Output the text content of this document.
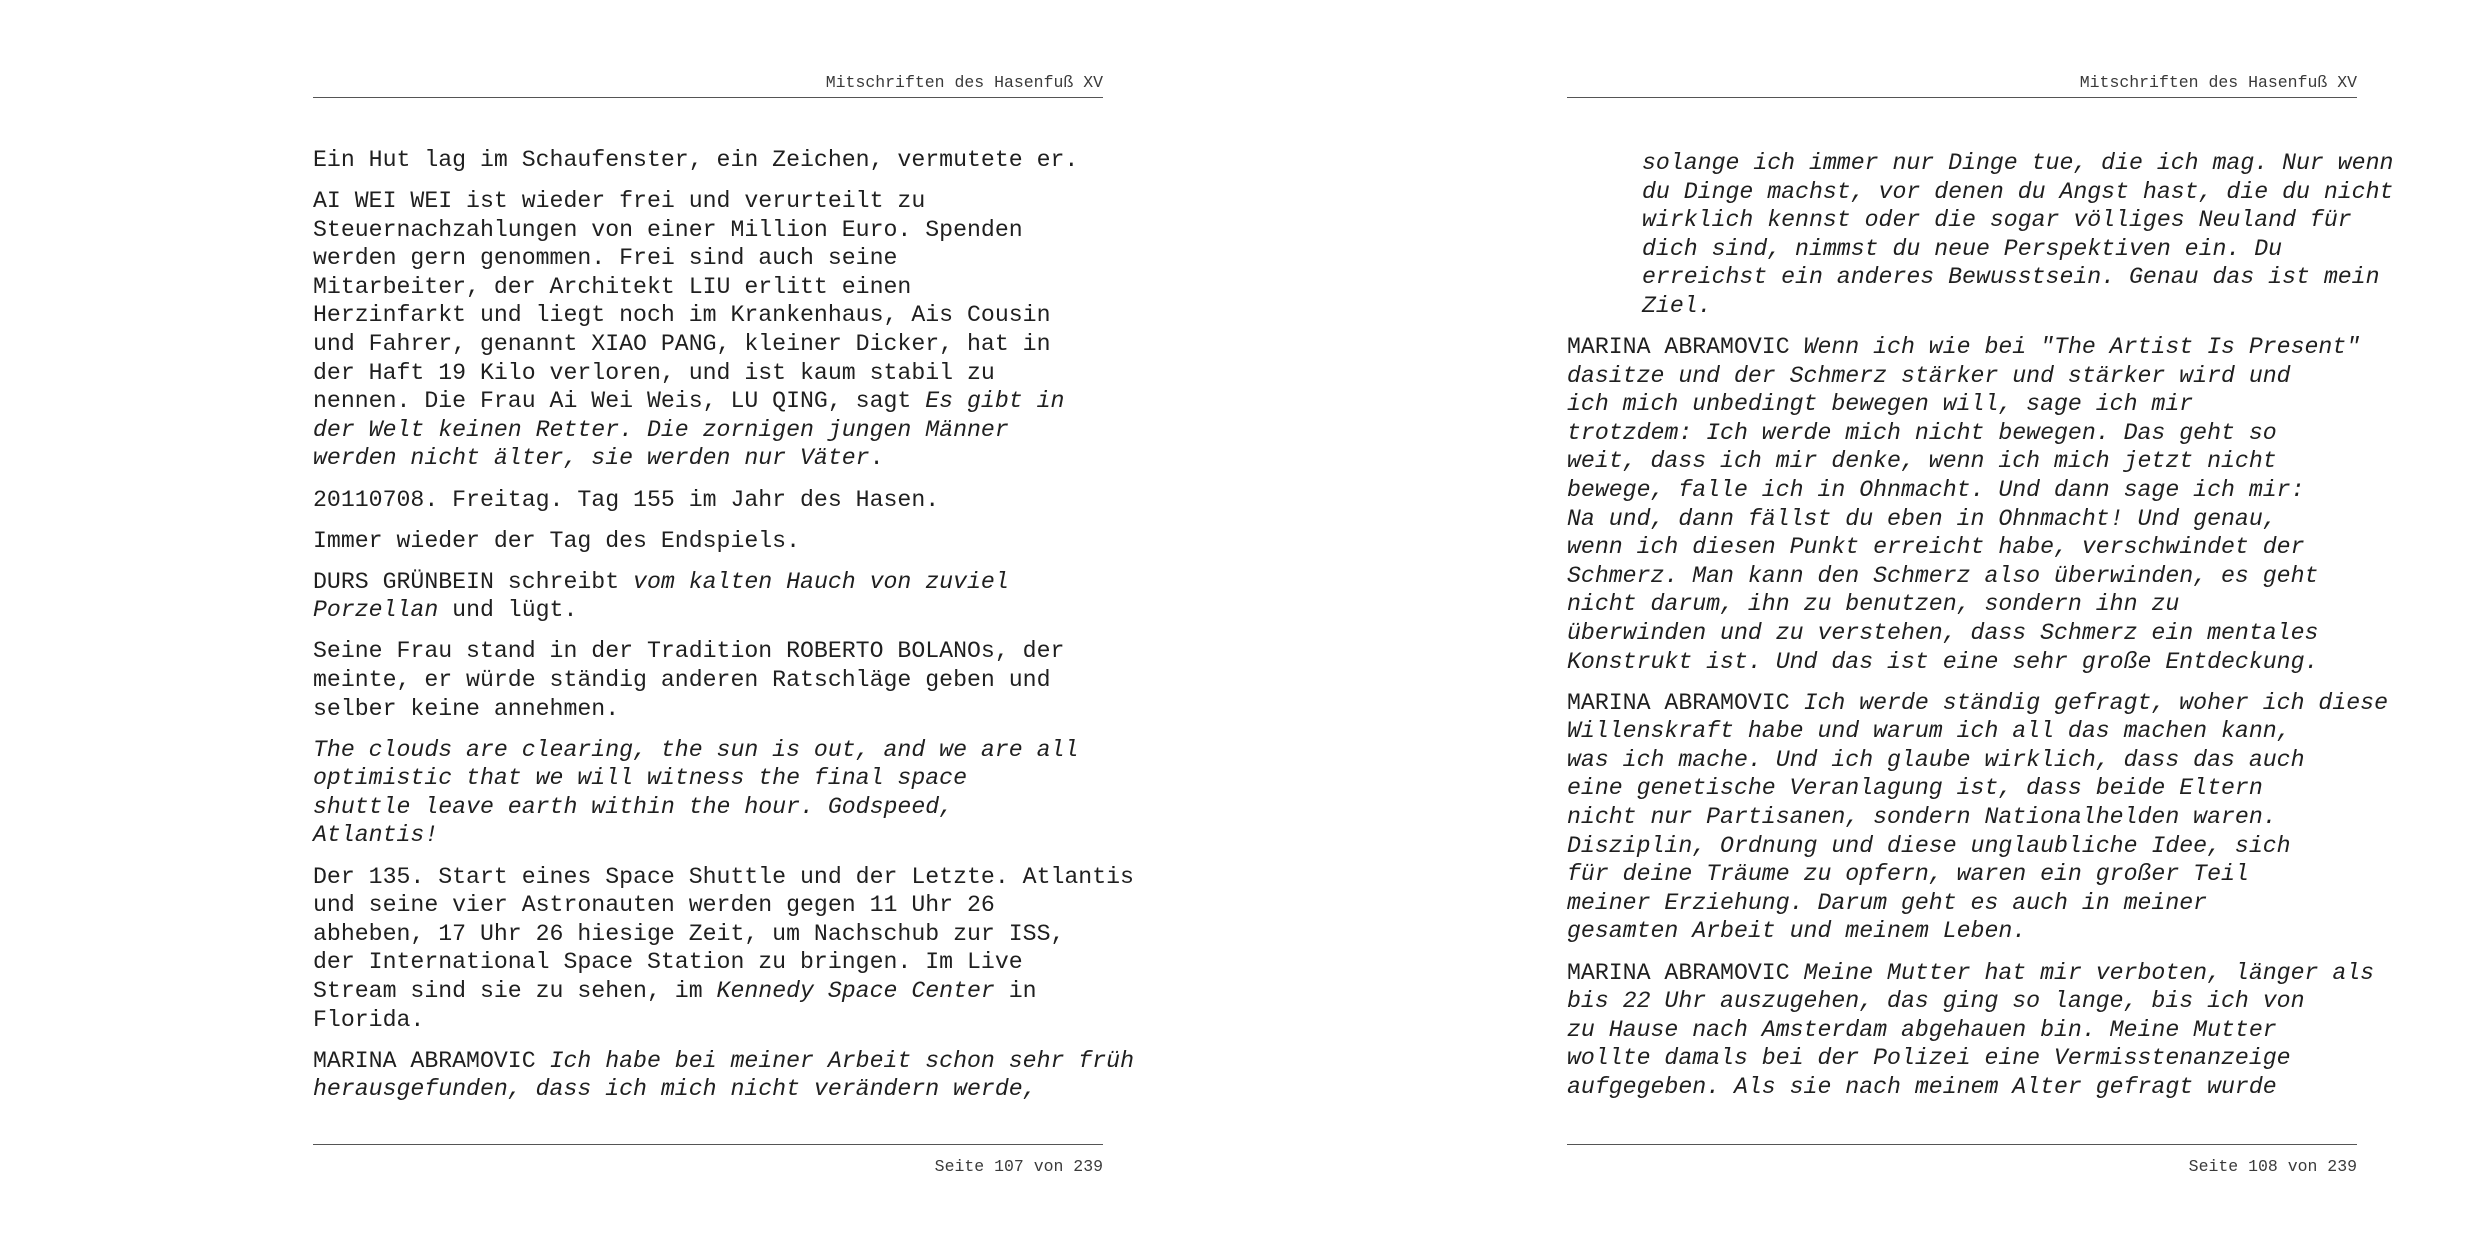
Mitschriften des Hasenfuß XV
Ein Hut lag im Schaufenster, ein Zeichen, vermutete er.
AI WEI WEI ist wieder frei und verurteilt zu
Steuernachzahlungen von einer Million Euro. Spenden
werden gern genommen. Frei sind auch seine
Mitarbeiter, der Architekt LIU erlitt einen
Herzinfarkt und liegt noch im Krankenhaus, Ais Cousin
und Fahrer, genannt XIAO PANG, kleiner Dicker, hat in
der Haft 19 Kilo verloren, und ist kaum stabil zu
nennen. Die Frau Ai Wei Weis, LU QING, sagt Es gibt in
der Welt keinen Retter. Die zornigen jungen Männer
werden nicht älter, sie werden nur Väter.
20110708. Freitag. Tag 155 im Jahr des Hasen.
Immer wieder der Tag des Endspiels.
DURS GRÜNBEIN schreibt vom kalten Hauch von zuviel
Porzellan und lügt.
Seine Frau stand in der Tradition ROBERTO BOLANOs, der
meinte, er würde ständig anderen Ratschläge geben und
selber keine annehmen.
The clouds are clearing, the sun is out, and we are all
optimistic that we will witness the final space
shuttle leave earth within the hour. Godspeed,
Atlantis!
Der 135. Start eines Space Shuttle und der Letzte. Atlantis
und seine vier Astronauten werden gegen 11 Uhr 26
abheben, 17 Uhr 26 hiesige Zeit, um Nachschub zur ISS,
der International Space Station zu bringen. Im Live
Stream sind sie zu sehen, im Kennedy Space Center in
Florida.
MARINA ABRAMOVIC Ich habe bei meiner Arbeit schon sehr früh
herausgefunden, dass ich mich nicht verändern werde,
Seite 107 von 239
Mitschriften des Hasenfuß XV
solange ich immer nur Dinge tue, die ich mag. Nur wenn
du Dinge machst, vor denen du Angst hast, die du nicht
wirklich kennst oder die sogar völliges Neuland für
dich sind, nimmst du neue Perspektiven ein. Du
erreichst ein anderes Bewusstsein. Genau das ist mein
Ziel.
MARINA ABRAMOVIC Wenn ich wie bei "The Artist Is Present"
dasitze und der Schmerz stärker und stärker wird und
ich mich unbedingt bewegen will, sage ich mir
trotzdem: Ich werde mich nicht bewegen. Das geht so
weit, dass ich mir denke, wenn ich mich jetzt nicht
bewege, falle ich in Ohnmacht. Und dann sage ich mir:
Na und, dann fällst du eben in Ohnmacht! Und genau,
wenn ich diesen Punkt erreicht habe, verschwindet der
Schmerz. Man kann den Schmerz also überwinden, es geht
nicht darum, ihn zu benutzen, sondern ihn zu
überwinden und zu verstehen, dass Schmerz ein mentales
Konstrukt ist. Und das ist eine sehr große Entdeckung.
MARINA ABRAMOVIC Ich werde ständig gefragt, woher ich diese
Willenskraft habe und warum ich all das machen kann,
was ich mache. Und ich glaube wirklich, dass das auch
eine genetische Veranlagung ist, dass beide Eltern
nicht nur Partisanen, sondern Nationalhelden waren.
Disziplin, Ordnung und diese unglaubliche Idee, sich
für deine Träume zu opfern, waren ein großer Teil
meiner Erziehung. Darum geht es auch in meiner
gesamten Arbeit und meinem Leben.
MARINA ABRAMOVIC Meine Mutter hat mir verboten, länger als
bis 22 Uhr auszugehen, das ging so lange, bis ich von
zu Hause nach Amsterdam abgehauen bin. Meine Mutter
wollte damals bei der Polizei eine Vermisstenanzeige
aufgegeben. Als sie nach meinem Alter gefragt wurde
Seite 108 von 239
